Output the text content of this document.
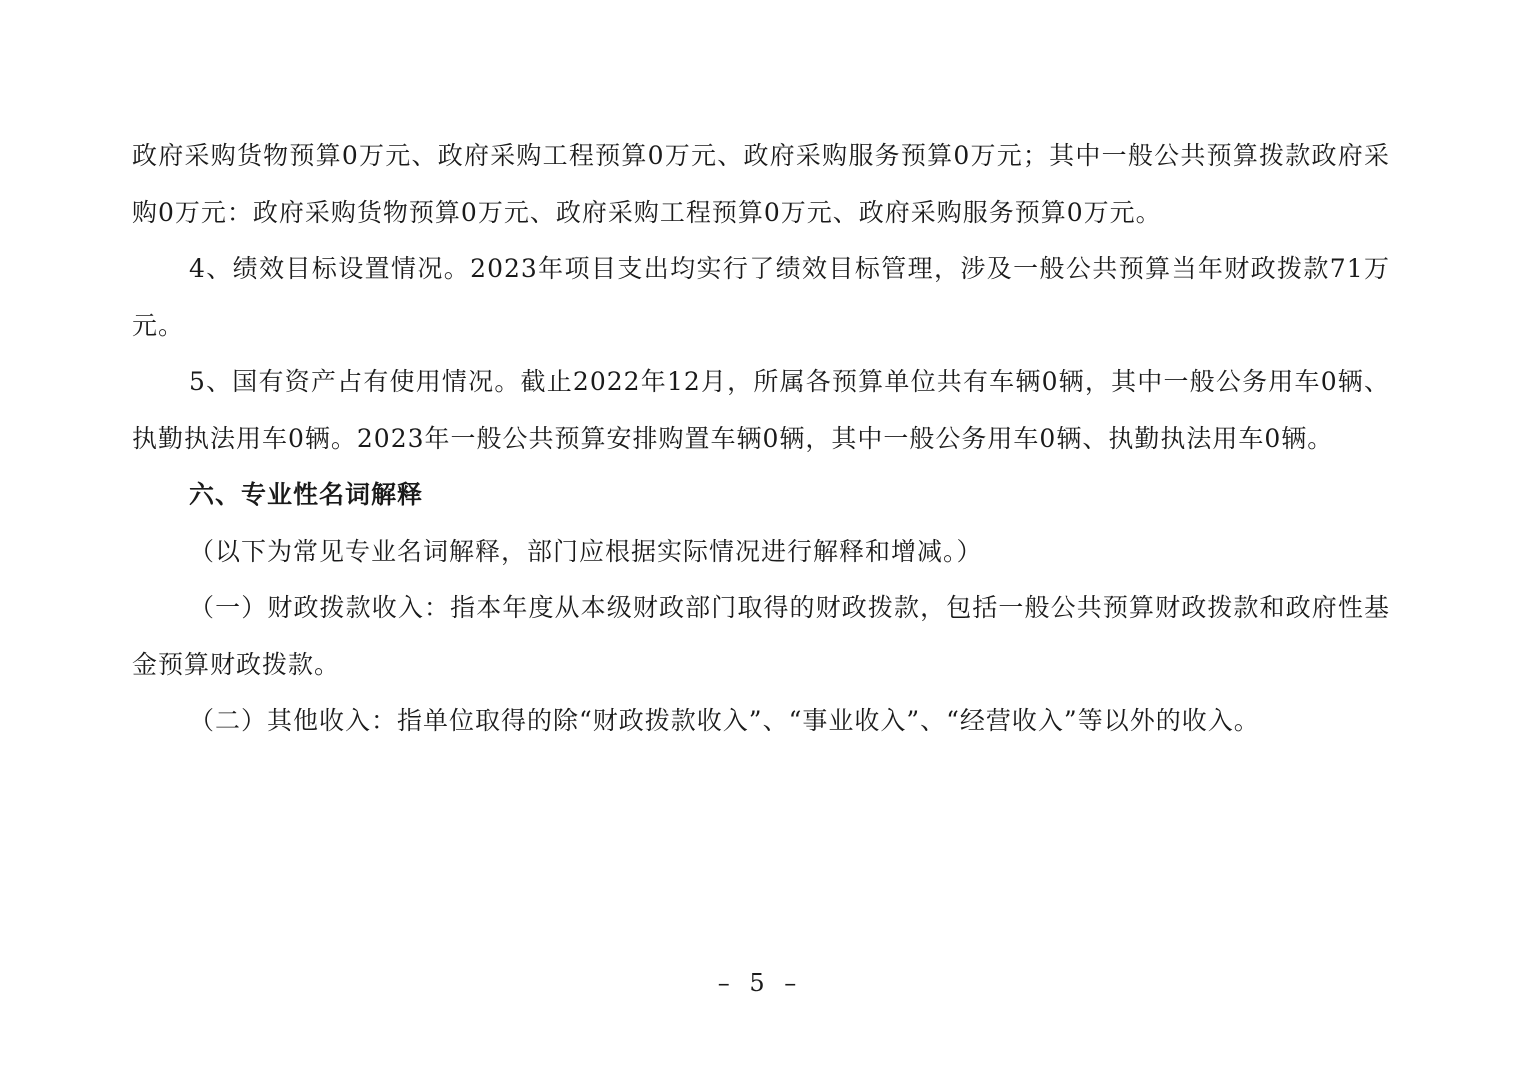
政府采购货物预算0万元、政府采购工程预算0万元、政府采购服务预算0万元；其中一般公共预算拨款政府采购0万元：政府采购货物预算0万元、政府采购工程预算0万元、政府采购服务预算0万元。

4、绩效目标设置情况。2023年项目支出均实行了绩效目标管理，涉及一般公共预算当年财政拨款71万元。

5、国有资产占有使用情况。截止2022年12月，所属各预算单位共有车辆0辆，其中一般公务用车0辆、执勤执法用车0辆。2023年一般公共预算安排购置车辆0辆，其中一般公务用车0辆、执勤执法用车0辆。

六、专业性名词解释

（以下为常见专业名词解释，部门应根据实际情况进行解释和增减。）

（一）财政拨款收入：指本年度从本级财政部门取得的财政拨款，包括一般公共预算财政拨款和政府性基金预算财政拨款。

（二）其他收入：指单位取得的除“财政拨款收入”、“事业收入”、“经营收入”等以外的收入。

– 5 –
